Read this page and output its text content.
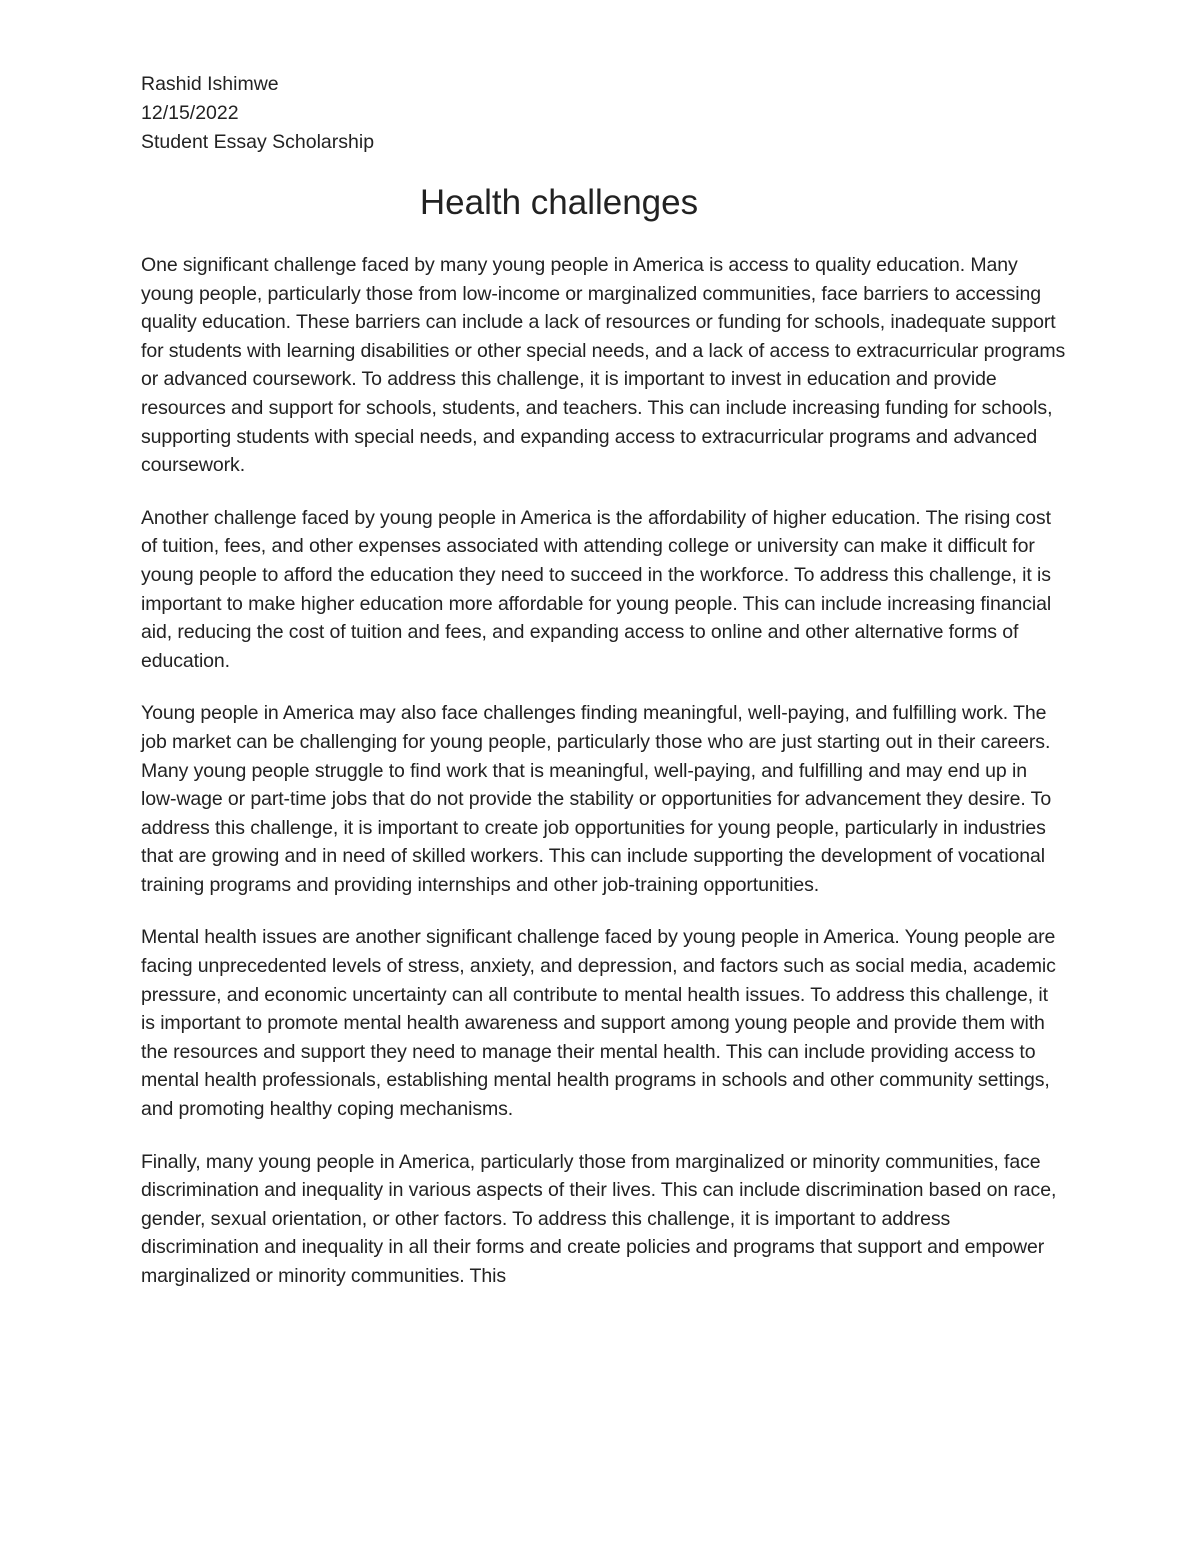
Rashid Ishimwe
12/15/2022
Student Essay Scholarship
Health challenges

One significant challenge faced by many young people in America is access to quality education. Many young people, particularly those from low-income or marginalized communities, face barriers to accessing quality education. These barriers can include a lack of resources or funding for schools, inadequate support for students with learning disabilities or other special needs, and a lack of access to extracurricular programs or advanced coursework. To address this challenge, it is important to invest in education and provide resources and support for schools, students, and teachers. This can include increasing funding for schools, supporting students with special needs, and expanding access to extracurricular programs and advanced coursework.

Another challenge faced by young people in America is the affordability of higher education. The rising cost of tuition, fees, and other expenses associated with attending college or university can make it difficult for young people to afford the education they need to succeed in the workforce. To address this challenge, it is important to make higher education more affordable for young people. This can include increasing financial aid, reducing the cost of tuition and fees, and expanding access to online and other alternative forms of education.

Young people in America may also face challenges finding meaningful, well-paying, and fulfilling work. The job market can be challenging for young people, particularly those who are just starting out in their careers. Many young people struggle to find work that is meaningful, well-paying, and fulfilling and may end up in low-wage or part-time jobs that do not provide the stability or opportunities for advancement they desire. To address this challenge, it is important to create job opportunities for young people, particularly in industries that are growing and in need of skilled workers. This can include supporting the development of vocational training programs and providing internships and other job-training opportunities.

Mental health issues are another significant challenge faced by young people in America. Young people are facing unprecedented levels of stress, anxiety, and depression, and factors such as social media, academic pressure, and economic uncertainty can all contribute to mental health issues. To address this challenge, it is important to promote mental health awareness and support among young people and provide them with the resources and support they need to manage their mental health. This can include providing access to mental health professionals, establishing mental health programs in schools and other community settings, and promoting healthy coping mechanisms.

Finally, many young people in America, particularly those from marginalized or minority communities, face discrimination and inequality in various aspects of their lives. This can include discrimination based on race, gender, sexual orientation, or other factors. To address this challenge, it is important to address discrimination and inequality in all their forms and create policies and programs that support and empower marginalized or minority communities. This
